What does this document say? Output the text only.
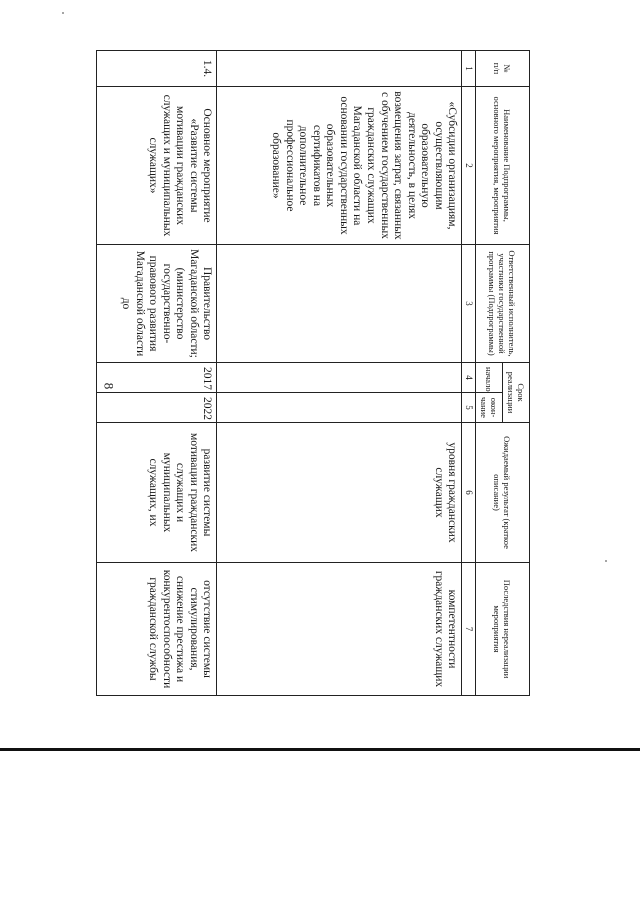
8
№
п/п	Наименование Подпрограммы, основного мероприятия, мероприятия	Ответственный исполнитель, участники государственной программы (Подпрограммы)	Срок реализации		Ожидаемый результат (краткое описание)	Последствия нереализации мероприятия
			начало	окон-
чание		
1	2	3	4	5	6	7
	«Субсидии организациям, осуществляющим образовательную деятельность, в целях возмещения затрат, связанных с обучением государственных гражданских служащих Магаданской области на основании государственных образовательных сертификатов на дополнительное профессиональное образование»				уровня гражданских служащих	компетентности гражданских служащих
1.4.	Основное мероприятие «Развитие системы мотивации гражданских служащих и муниципальных служащих»	Правительство Магаданской области; (министерство государственно-правового развития Магаданской области до	2017	2022	развитие системы мотивации гражданских служащих и муниципальных служащих, их	отсутствие системы стимулирования, снижение престижа и конкурентоспособности гражданской службы
